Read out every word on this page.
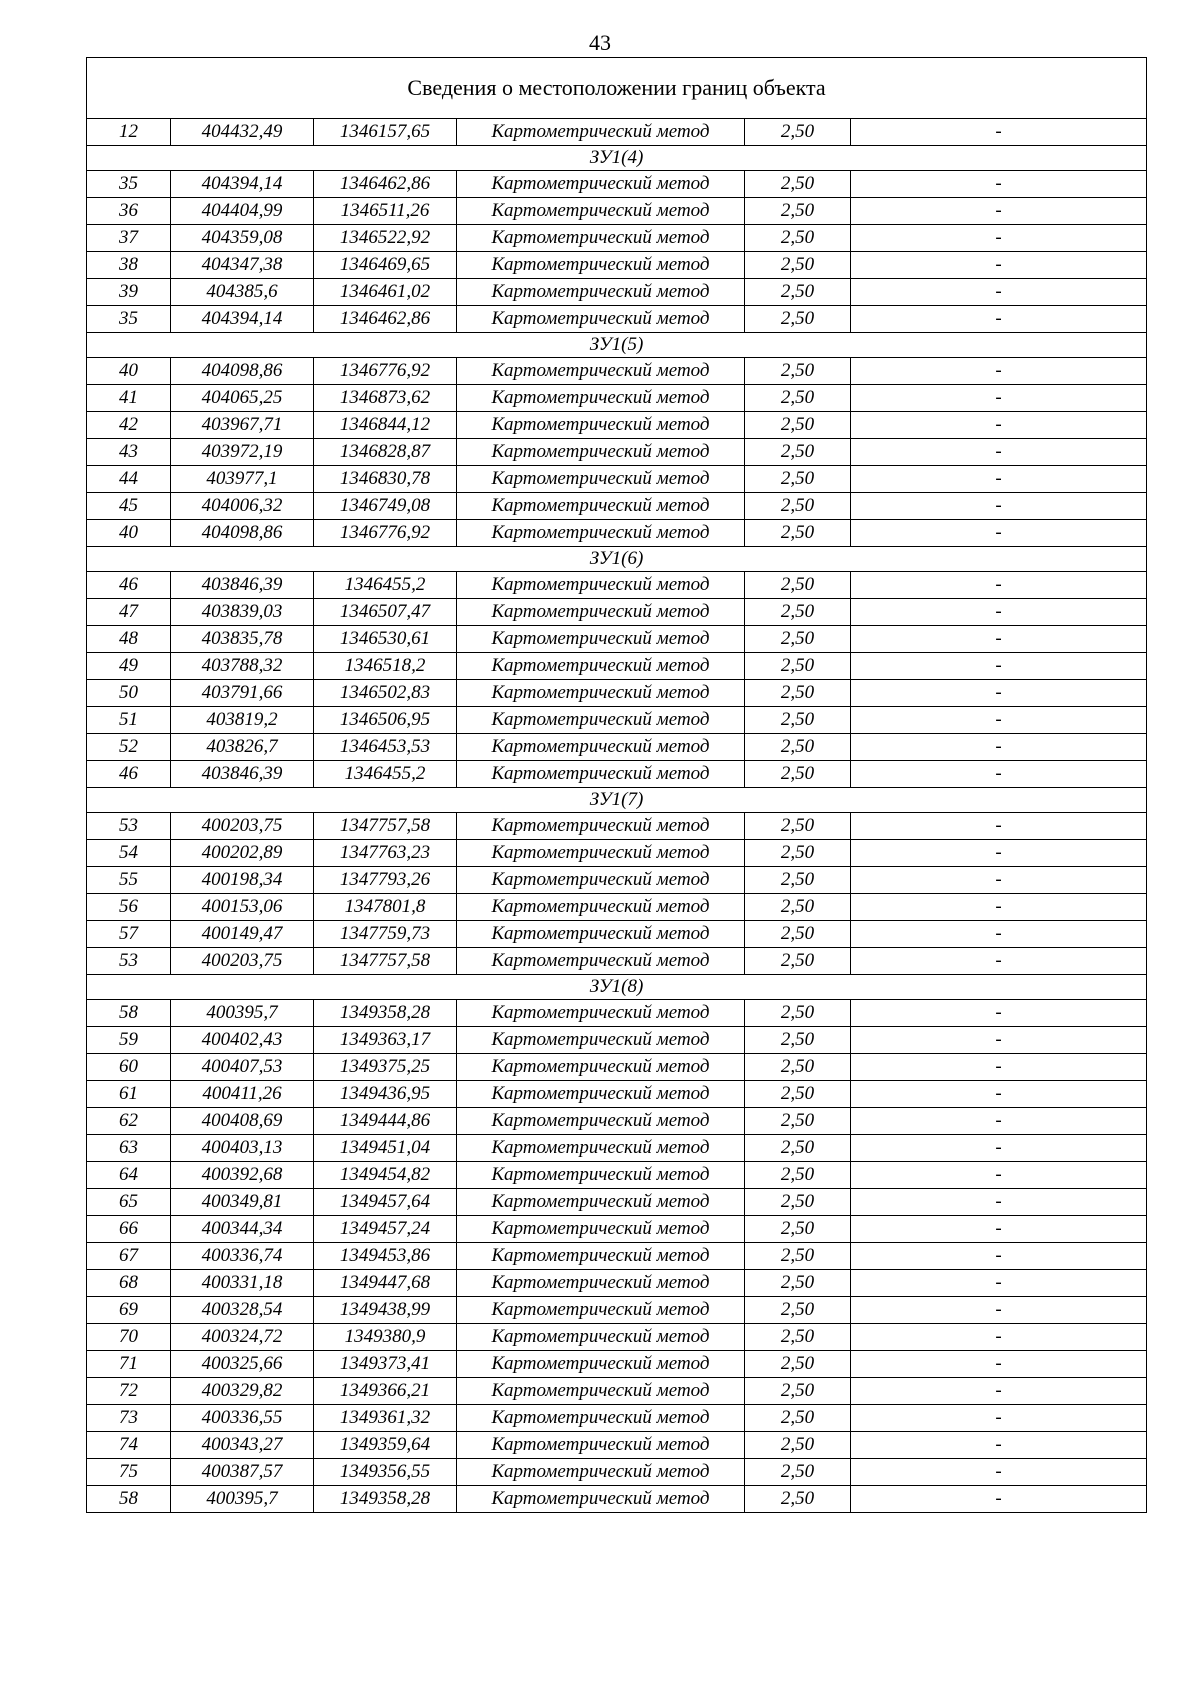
43
Сведения о местоположении границ объекта					
12	404432,49	1346157,65	Картометрический метод	2,50	-
ЗУ1(4)					
35	404394,14	1346462,86	Картометрический метод	2,50	-
36	404404,99	1346511,26	Картометрический метод	2,50	-
37	404359,08	1346522,92	Картометрический метод	2,50	-
38	404347,38	1346469,65	Картометрический метод	2,50	-
39	404385,6	1346461,02	Картометрический метод	2,50	-
35	404394,14	1346462,86	Картометрический метод	2,50	-
ЗУ1(5)					
40	404098,86	1346776,92	Картометрический метод	2,50	-
41	404065,25	1346873,62	Картометрический метод	2,50	-
42	403967,71	1346844,12	Картометрический метод	2,50	-
43	403972,19	1346828,87	Картометрический метод	2,50	-
44	403977,1	1346830,78	Картометрический метод	2,50	-
45	404006,32	1346749,08	Картометрический метод	2,50	-
40	404098,86	1346776,92	Картометрический метод	2,50	-
ЗУ1(6)					
46	403846,39	1346455,2	Картометрический метод	2,50	-
47	403839,03	1346507,47	Картометрический метод	2,50	-
48	403835,78	1346530,61	Картометрический метод	2,50	-
49	403788,32	1346518,2	Картометрический метод	2,50	-
50	403791,66	1346502,83	Картометрический метод	2,50	-
51	403819,2	1346506,95	Картометрический метод	2,50	-
52	403826,7	1346453,53	Картометрический метод	2,50	-
46	403846,39	1346455,2	Картометрический метод	2,50	-
ЗУ1(7)					
53	400203,75	1347757,58	Картометрический метод	2,50	-
54	400202,89	1347763,23	Картометрический метод	2,50	-
55	400198,34	1347793,26	Картометрический метод	2,50	-
56	400153,06	1347801,8	Картометрический метод	2,50	-
57	400149,47	1347759,73	Картометрический метод	2,50	-
53	400203,75	1347757,58	Картометрический метод	2,50	-
ЗУ1(8)					
58	400395,7	1349358,28	Картометрический метод	2,50	-
59	400402,43	1349363,17	Картометрический метод	2,50	-
60	400407,53	1349375,25	Картометрический метод	2,50	-
61	400411,26	1349436,95	Картометрический метод	2,50	-
62	400408,69	1349444,86	Картометрический метод	2,50	-
63	400403,13	1349451,04	Картометрический метод	2,50	-
64	400392,68	1349454,82	Картометрический метод	2,50	-
65	400349,81	1349457,64	Картометрический метод	2,50	-
66	400344,34	1349457,24	Картометрический метод	2,50	-
67	400336,74	1349453,86	Картометрический метод	2,50	-
68	400331,18	1349447,68	Картометрический метод	2,50	-
69	400328,54	1349438,99	Картометрический метод	2,50	-
70	400324,72	1349380,9	Картометрический метод	2,50	-
71	400325,66	1349373,41	Картометрический метод	2,50	-
72	400329,82	1349366,21	Картометрический метод	2,50	-
73	400336,55	1349361,32	Картометрический метод	2,50	-
74	400343,27	1349359,64	Картометрический метод	2,50	-
75	400387,57	1349356,55	Картометрический метод	2,50	-
58	400395,7	1349358,28	Картометрический метод	2,50	-
